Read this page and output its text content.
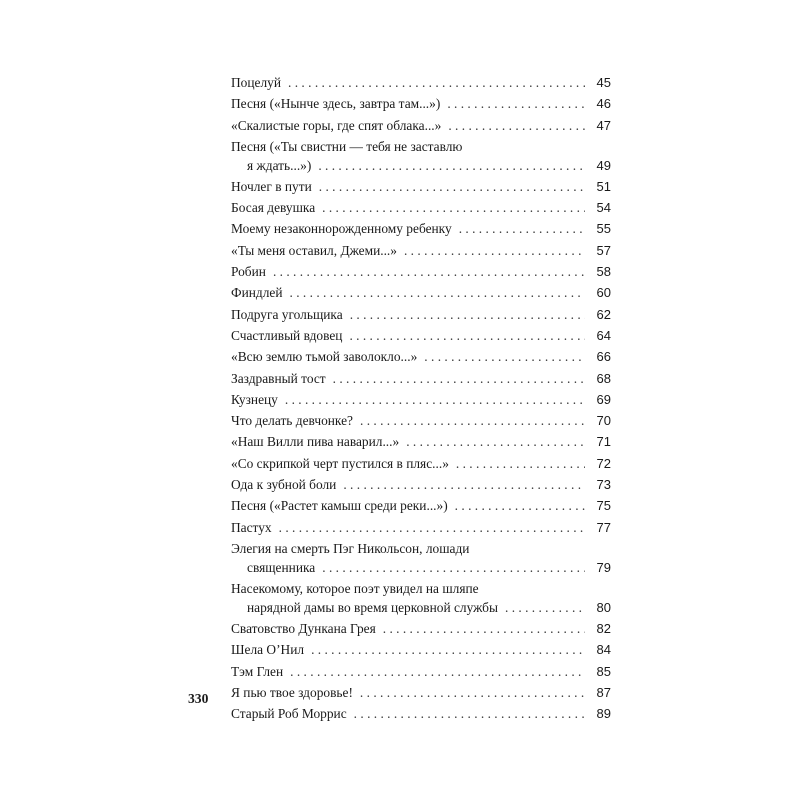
Поцелуй . . .	45
Песня («Нынче здесь, завтра там...») . . .	46
«Скалистые горы, где спят облака...» . . .	47
Песня («Ты свистни — тебя не заставлю
я ждать...») . . .	49
Ночлег в пути . . .	51
Босая девушка . . .	54
Моему незаконнорожденному ребенку . . .	55
«Ты меня оставил, Джеми...» . . .	57
Робин . . .	58
Финдлей . . .	60
Подруга угольщика . . .	62
Счастливый вдовец . . .	64
«Всю землю тьмой заволокло...» . . .	66
Заздравный тост . . .	68
Кузнецу . . .	69
Что делать девчонке? . . .	70
«Наш Вилли пива наварил...» . . .	71
«Со скрипкой черт пустился в пляс...» . . .	72
Ода к зубной боли . . .	73
Песня («Растет камыш среди реки...») . . .	75
Пастух . . .	77
Элегия на смерть Пэг Никольсон, лошади
священника . . .	79
Насекомому, которое поэт увидел на шляпе
нарядной дамы во время церковной службы . . .	80
Сватовство Дункана Грея . . .	82
Шела О’Нил . . .	84
Тэм Глен . . .	85
Я пью твое здоровье! . . .	87
Старый Роб Моррис . . .	89
330
